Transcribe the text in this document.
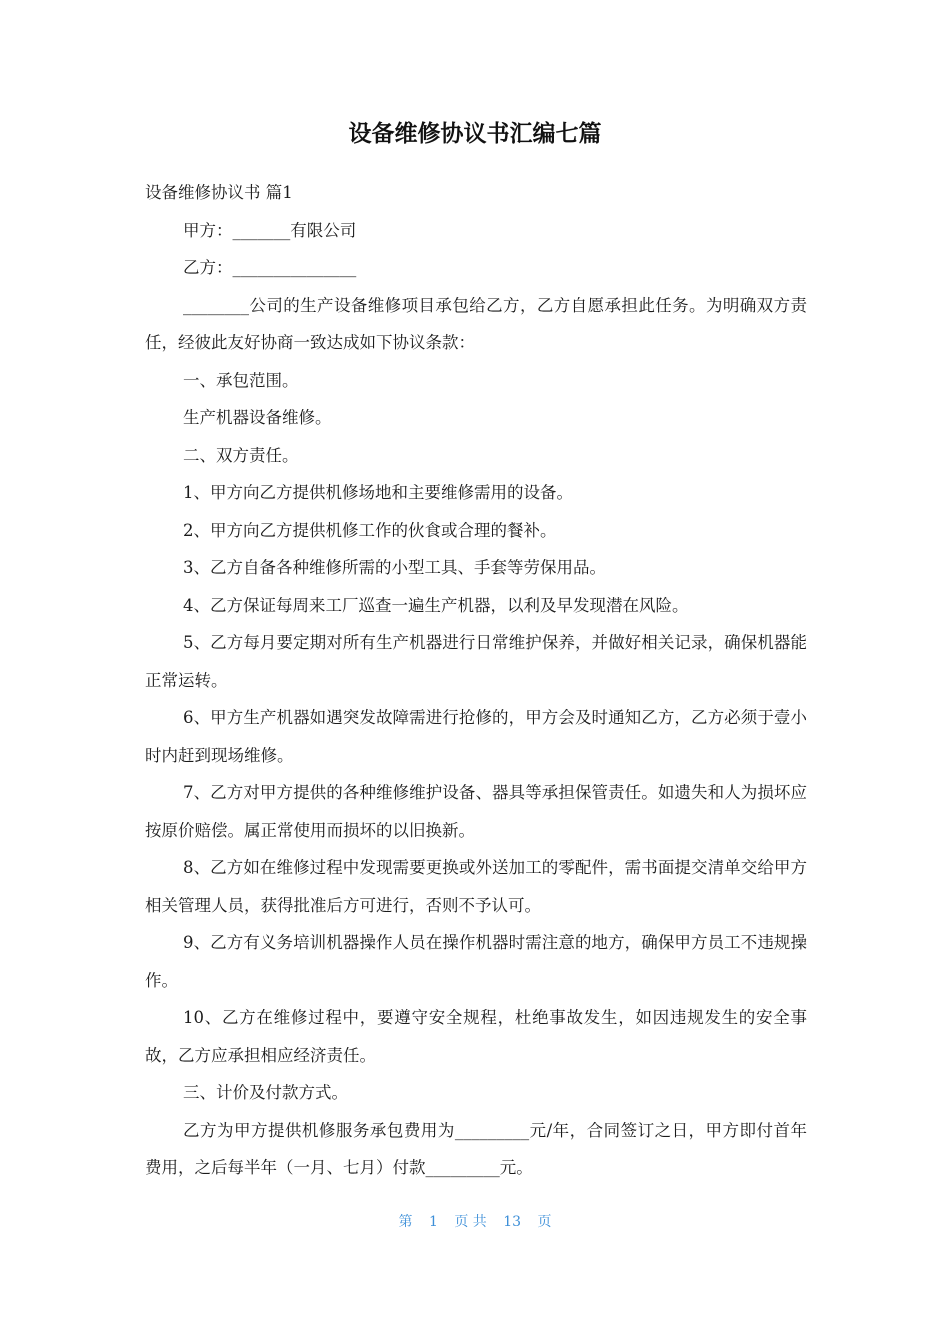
设备维修协议书汇编七篇

设备维修协议书 篇1

甲方：_______有限公司

乙方：_______________

________公司的生产设备维修项目承包给乙方，乙方自愿承担此任务。为明确双方责任，经彼此友好协商一致达成如下协议条款：

一、承包范围。

生产机器设备维修。

二、双方责任。

1、甲方向乙方提供机修场地和主要维修需用的设备。

2、甲方向乙方提供机修工作的伙食或合理的餐补。

3、乙方自备各种维修所需的小型工具、手套等劳保用品。

4、乙方保证每周来工厂巡查一遍生产机器，以利及早发现潜在风险。

5、乙方每月要定期对所有生产机器进行日常维护保养，并做好相关记录，确保机器能正常运转。

6、甲方生产机器如遇突发故障需进行抢修的，甲方会及时通知乙方，乙方必须于壹小时内赶到现场维修。

7、乙方对甲方提供的各种维修维护设备、器具等承担保管责任。如遗失和人为损坏应按原价赔偿。属正常使用而损坏的以旧换新。

8、乙方如在维修过程中发现需要更换或外送加工的零配件，需书面提交清单交给甲方相关管理人员，获得批准后方可进行，否则不予认可。

9、乙方有义务培训机器操作人员在操作机器时需注意的地方，确保甲方员工不违规操作。

10、乙方在维修过程中，要遵守安全规程，杜绝事故发生，如因违规发生的安全事故，乙方应承担相应经济责任。

三、计价及付款方式。

乙方为甲方提供机修服务承包费用为_________元/年，合同签订之日，甲方即付首年费用，之后每半年（一月、七月）付款_________元。

第 1 页 共 13 页
